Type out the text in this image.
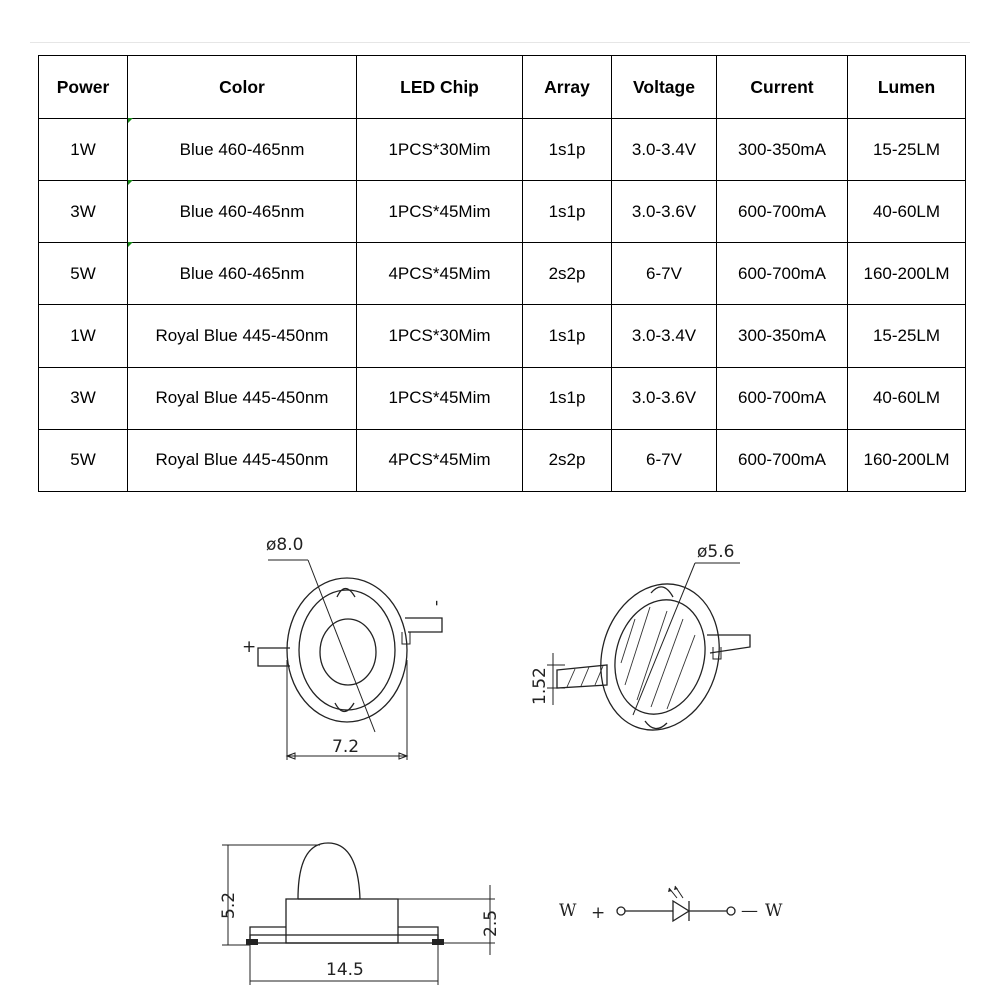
Power	Color	LED Chip	Array	Voltage	Current	Lumen
1W	Blue 460-465nm	1PCS*30Mim	1s1p	3.0-3.4V	300-350mA	15-25LM
3W	Blue 460-465nm	1PCS*45Mim	1s1p	3.0-3.6V	600-700mA	40-60LM
5W	Blue 460-465nm	4PCS*45Mim	2s2p	6-7V	600-700mA	160-200LM
1W	Royal Blue 445-450nm	1PCS*30Mim	1s1p	3.0-3.4V	300-350mA	15-25LM
3W	Royal Blue 445-450nm	1PCS*45Mim	1s1p	3.0-3.6V	600-700mA	40-60LM
5W	Royal Blue 445-450nm	4PCS*45Mim	2s2p	6-7V	600-700mA	160-200LM
ø8.0
+
-
7.2
ø5.6
1.52
5.2
2.5
14.5
W +	— W
